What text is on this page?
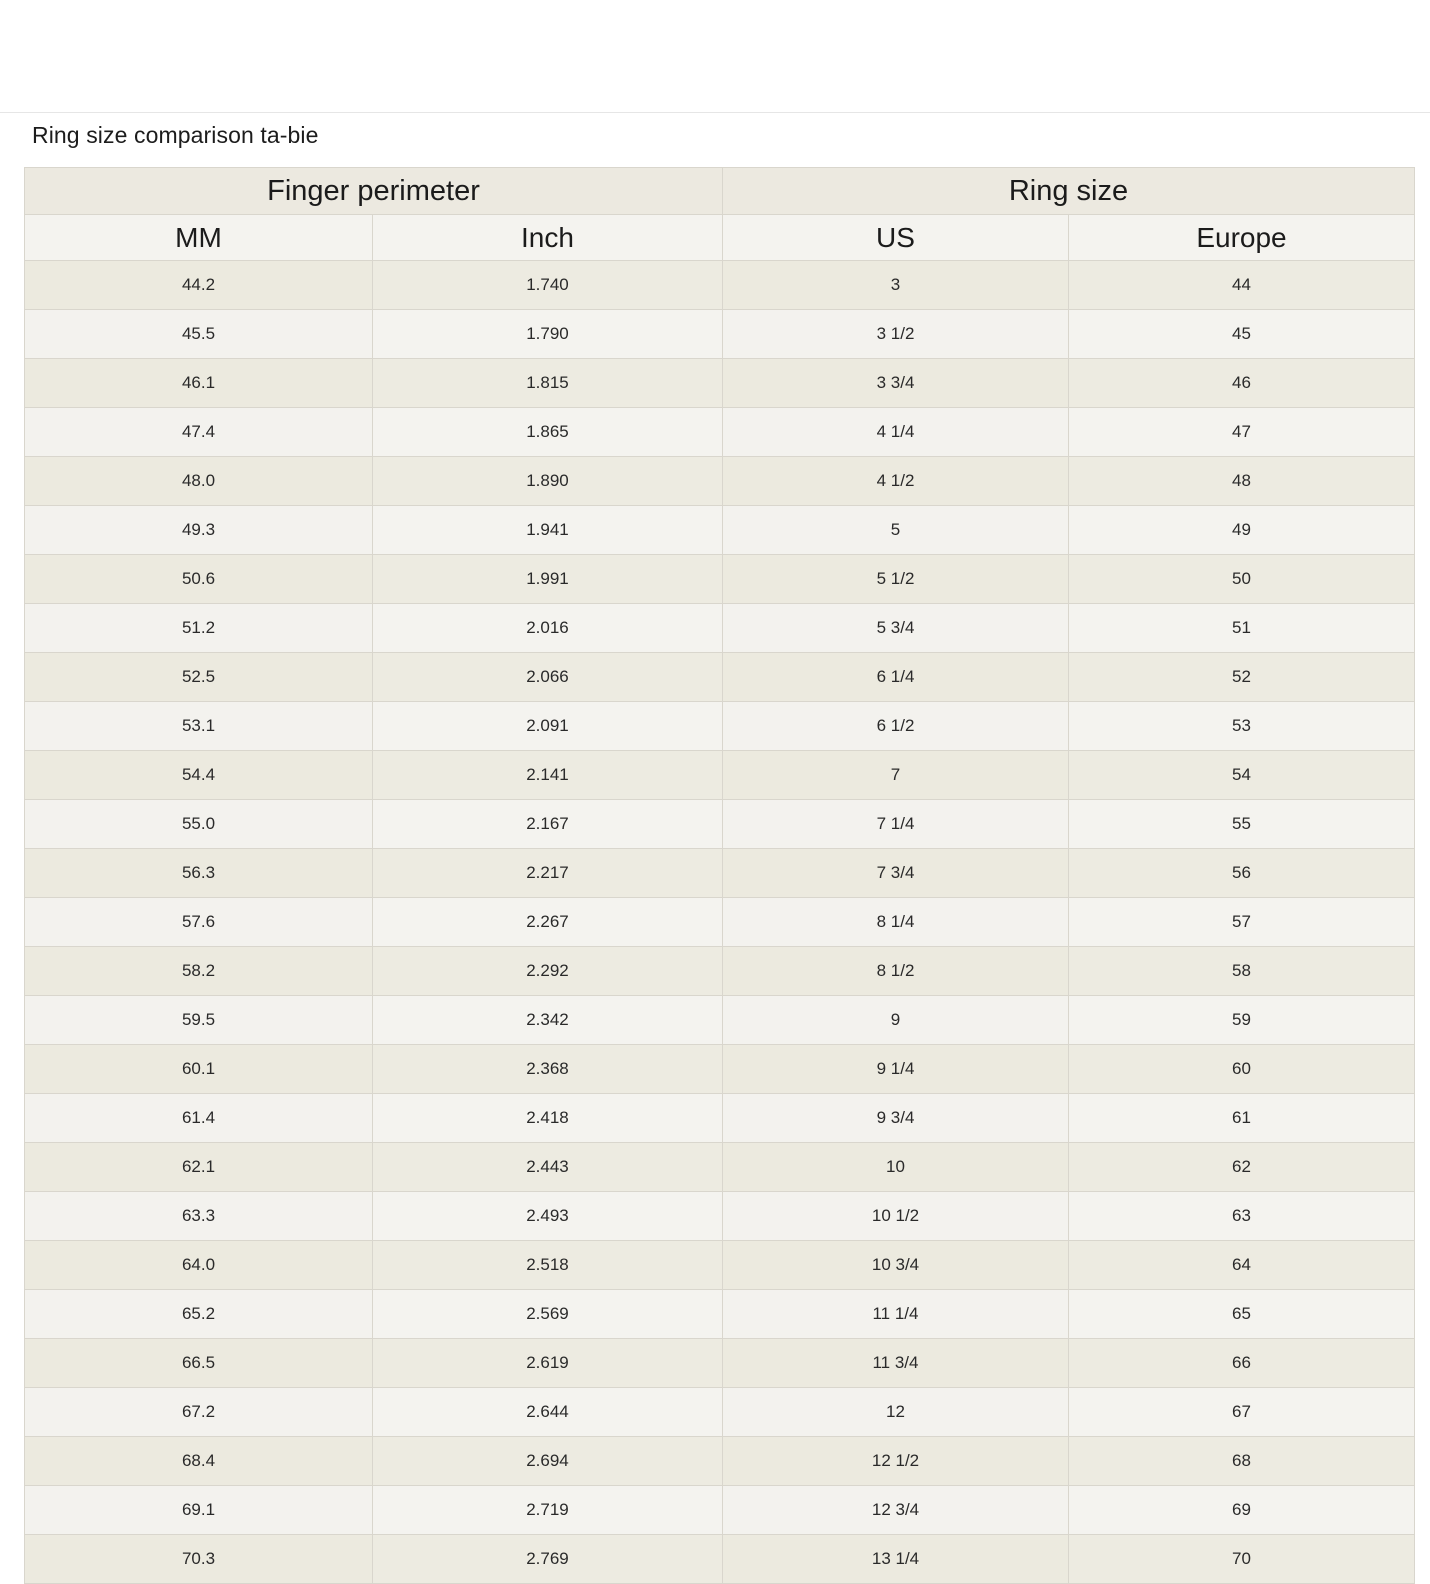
Ring size comparison ta-bie
Finger perimeter		Ring size	
MM	Inch	US	Europe
44.2	1.740	3	44
45.5	1.790	3 1/2	45
46.1	1.815	3 3/4	46
47.4	1.865	4 1/4	47
48.0	1.890	4 1/2	48
49.3	1.941	5	49
50.6	1.991	5 1/2	50
51.2	2.016	5 3/4	51
52.5	2.066	6 1/4	52
53.1	2.091	6 1/2	53
54.4	2.141	7	54
55.0	2.167	7 1/4	55
56.3	2.217	7 3/4	56
57.6	2.267	8 1/4	57
58.2	2.292	8 1/2	58
59.5	2.342	9	59
60.1	2.368	9 1/4	60
61.4	2.418	9 3/4	61
62.1	2.443	10	62
63.3	2.493	10 1/2	63
64.0	2.518	10 3/4	64
65.2	2.569	11 1/4	65
66.5	2.619	11 3/4	66
67.2	2.644	12	67
68.4	2.694	12 1/2	68
69.1	2.719	12 3/4	69
70.3	2.769	13 1/4	70
